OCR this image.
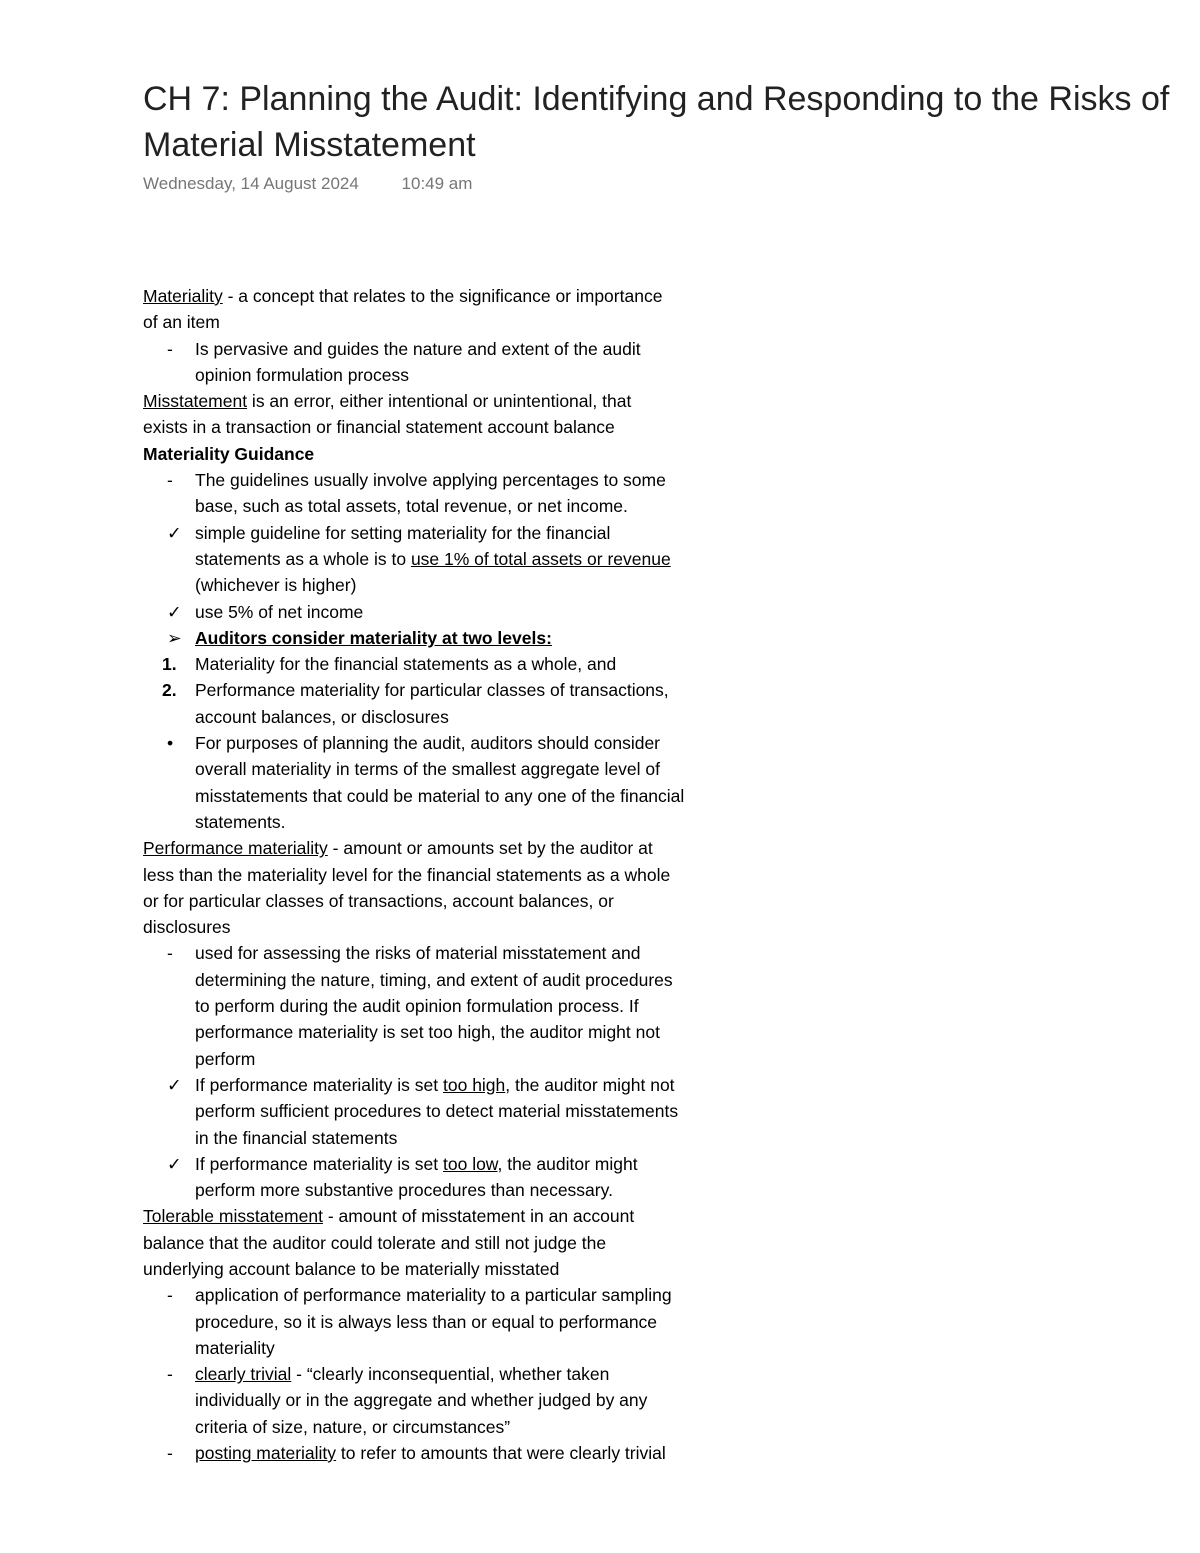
CH 7: Planning the Audit: Identifying and Responding to the Risks of
Material Misstatement
Wednesday, 14 August 2024	10:49 am
Materiality - a concept that relates to the significance or importance
of an item
-	Is pervasive and guides the nature and extent of the audit
opinion formulation process
Misstatement is an error, either intentional or unintentional, that
exists in a transaction or financial statement account balance
Materiality Guidance
-	The guidelines usually involve applying percentages to some
base, such as total assets, total revenue, or net income.
✓ simple guideline for setting materiality for the financial
statements as a whole is to use 1% of total assets or revenue
(whichever is higher)
✓ use 5% of net income
➢ Auditors consider materiality at two levels:
1.	Materiality for the financial statements as a whole, and
2.	Performance materiality for particular classes of transactions,
account balances, or disclosures
•	For purposes of planning the audit, auditors should consider
overall materiality in terms of the smallest aggregate level of
misstatements that could be material to any one of the financial
statements.
Performance materiality - amount or amounts set by the auditor at
less than the materiality level for the financial statements as a whole
or for particular classes of transactions, account balances, or
disclosures
-	used for assessing the risks of material misstatement and
determining the nature, timing, and extent of audit procedures
to perform during the audit opinion formulation process. If
performance materiality is set too high, the auditor might not
perform
✓ If performance materiality is set too high, the auditor might not
perform sufficient procedures to detect material misstatements
in the financial statements
✓ If performance materiality is set too low, the auditor might
perform more substantive procedures than necessary.
Tolerable misstatement - amount of misstatement in an account
balance that the auditor could tolerate and still not judge the
underlying account balance to be materially misstated
-	application of performance materiality to a particular sampling
procedure, so it is always less than or equal to performance
materiality
-	clearly trivial - “clearly inconsequential, whether taken
individually or in the aggregate and whether judged by any
criteria of size, nature, or circumstances”
-	posting materiality to refer to amounts that were clearly trivial
